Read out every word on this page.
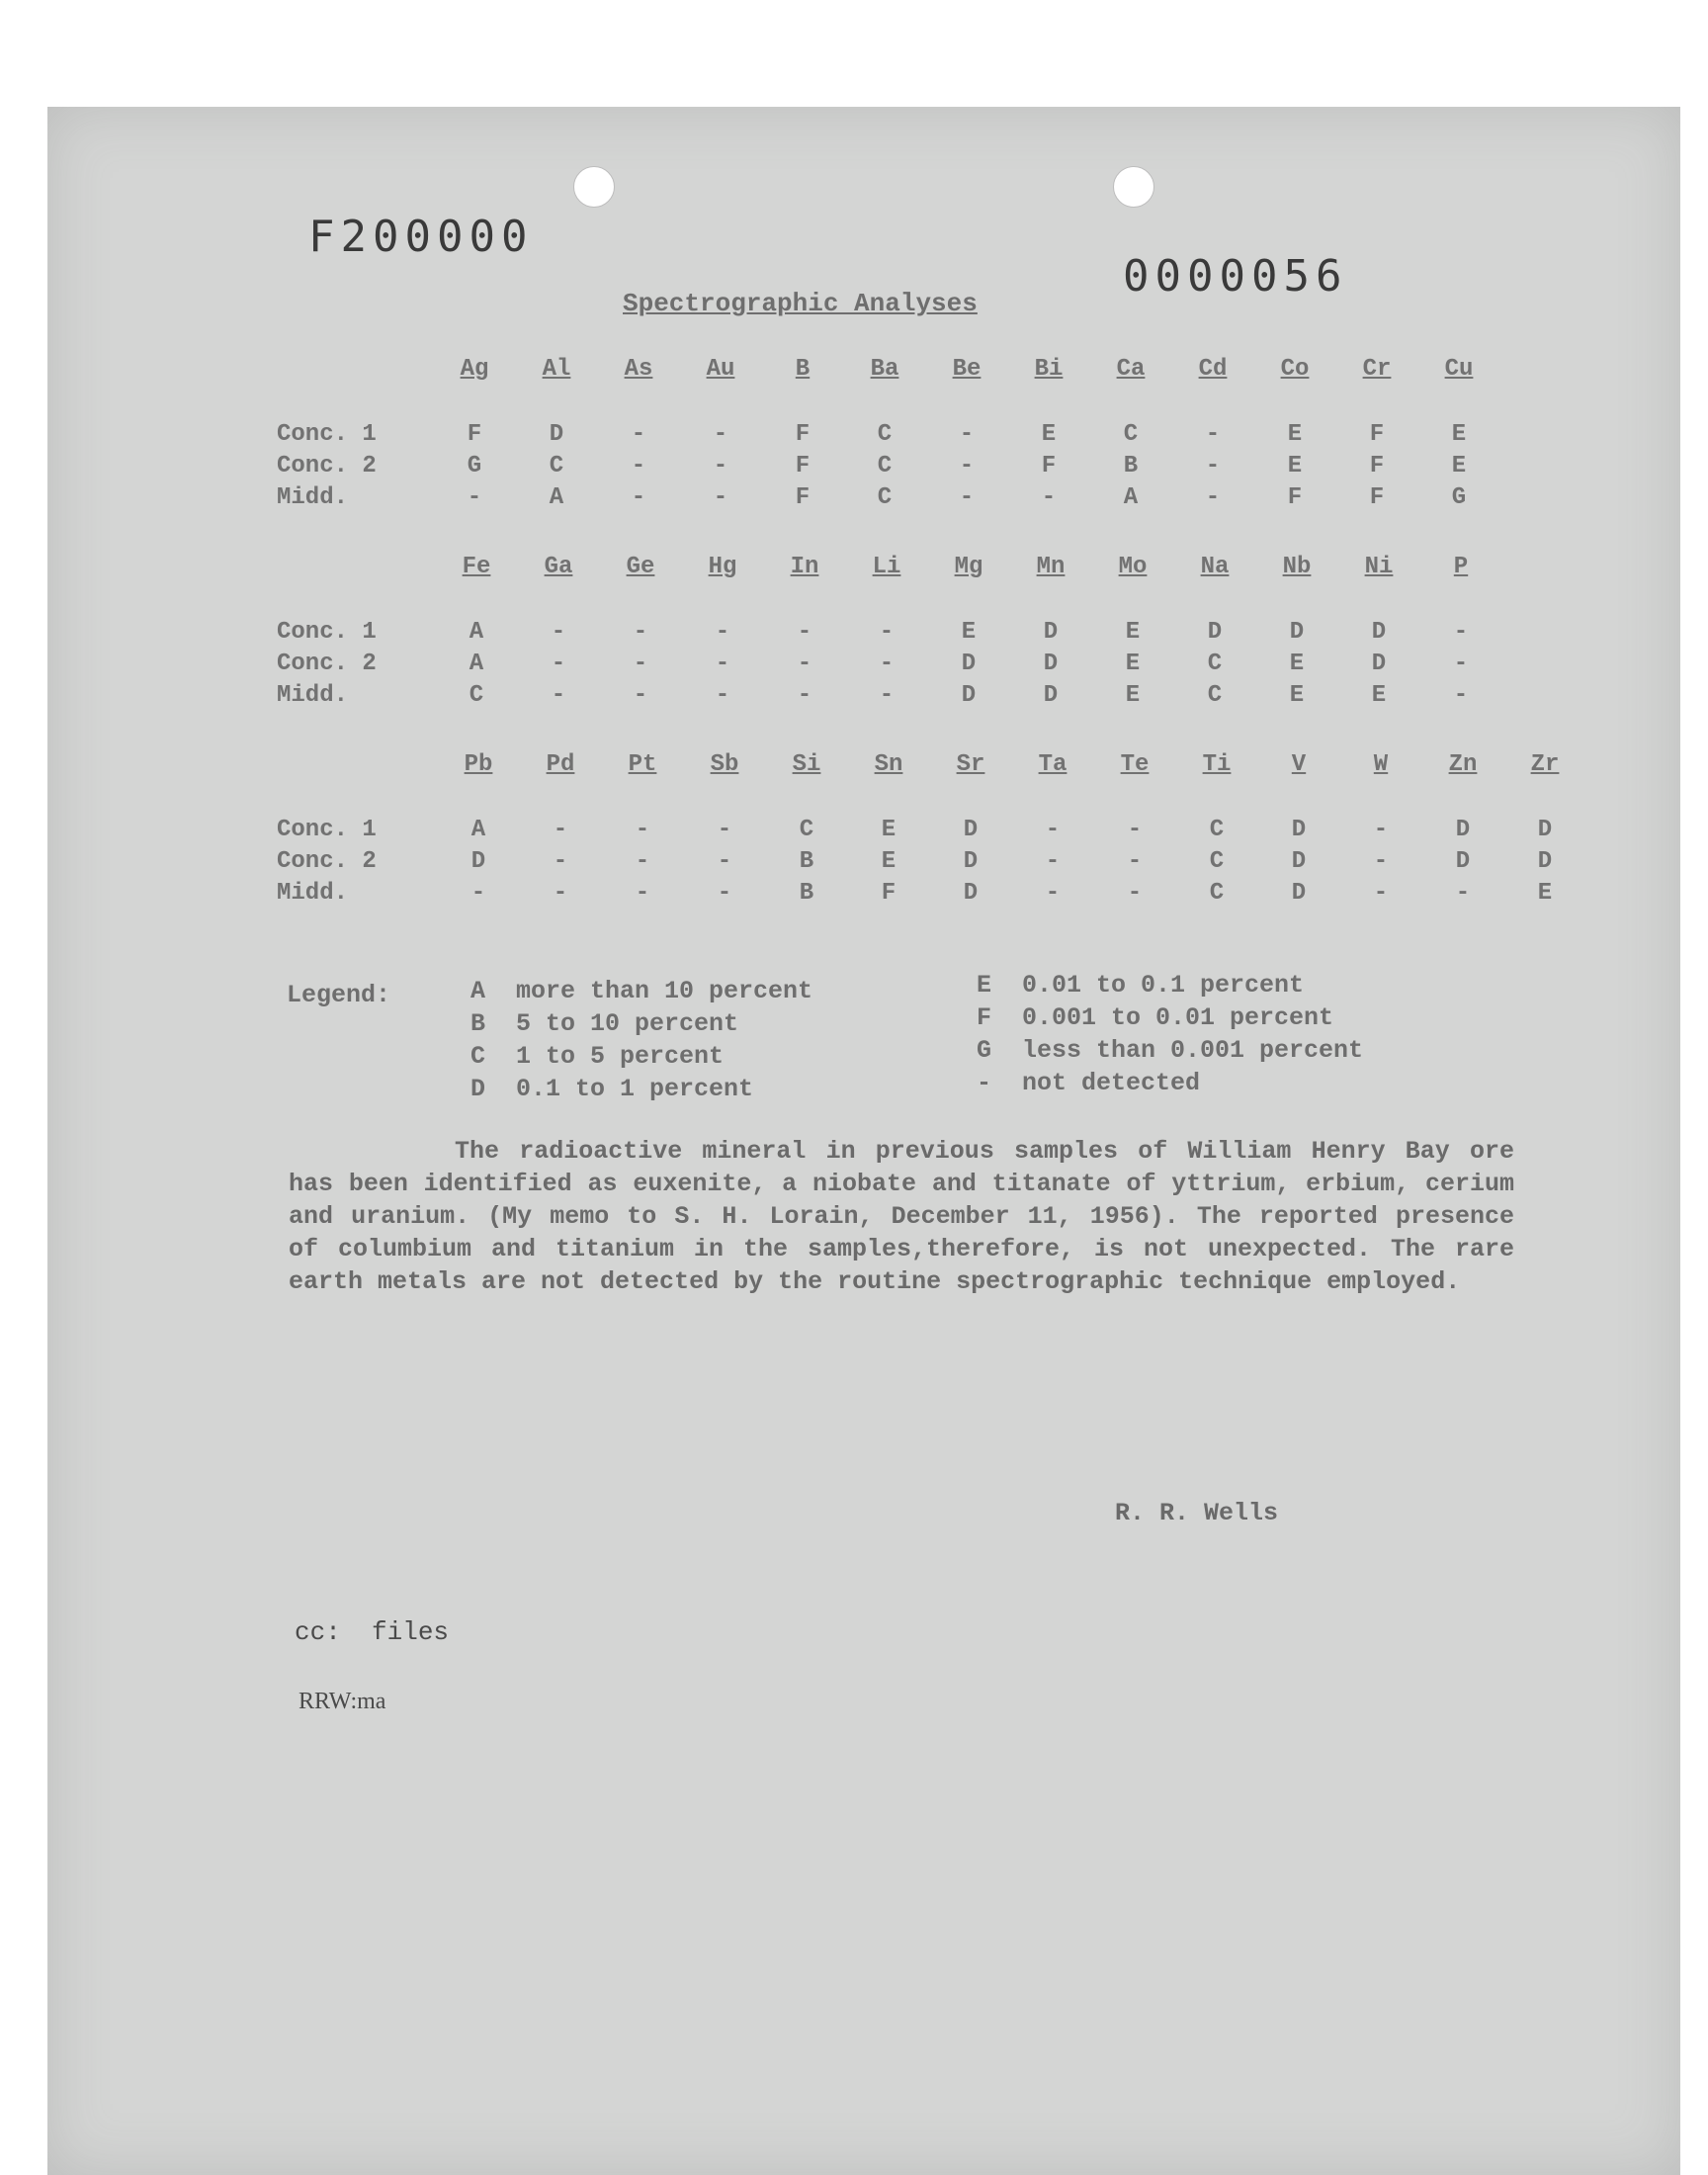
F200000
0000056
Spectrographic Analyses
Ag	Al	As	Au	B	Ba	Be	Bi	Ca	Cd	Co	Cr	Cu
Conc. 1	F	D	-	-	F	C	-	E	C	-	E	F	E
Conc. 2	G	C	-	-	F	C	-	F	B	-	E	F	E
Midd.	-	A	-	-	F	C	-	-	A	-	F	F	G
Fe	Ga	Ge	Hg	In	Li	Mg	Mn	Mo	Na	Nb	Ni	P
Conc. 1	A	-	-	-	-	-	E	D	E	D	D	D	-
Conc. 2	A	-	-	-	-	-	D	D	E	C	E	D	-
Midd.	C	-	-	-	-	-	D	D	E	C	E	E	-
Pb	Pd	Pt	Sb	Si	Sn	Sr	Ta	Te	Ti	V	W	Zn	Zr
Conc. 1	A	-	-	-	C	E	D	-	-	C	D	-	D	D
Conc. 2	D	-	-	-	B	E	D	-	-	C	D	-	D	D
Midd.	-	-	-	-	B	F	D	-	-	C	D	-	-	E
Legend:	A more than 10 percent
B 5 to 10 percent
C 1 to 5 percent
D 0.1 to 1 percent
E 0.01 to 0.1 percent
F 0.001 to 0.01 percent
G less than 0.001 percent
- not detected
The radioactive mineral in previous samples of William Henry Bay ore has been identified as euxenite, a niobate and titanate of yttrium, erbium, cerium and uranium. (My memo to S. H. Lorain, December 11, 1956). The reported presence of columbium and titanium in the samples,therefore, is not unexpected. The rare earth metals are not detected by the routine spectrographic technique employed.
R. R. Wells
cc:  files
RRW:ma
